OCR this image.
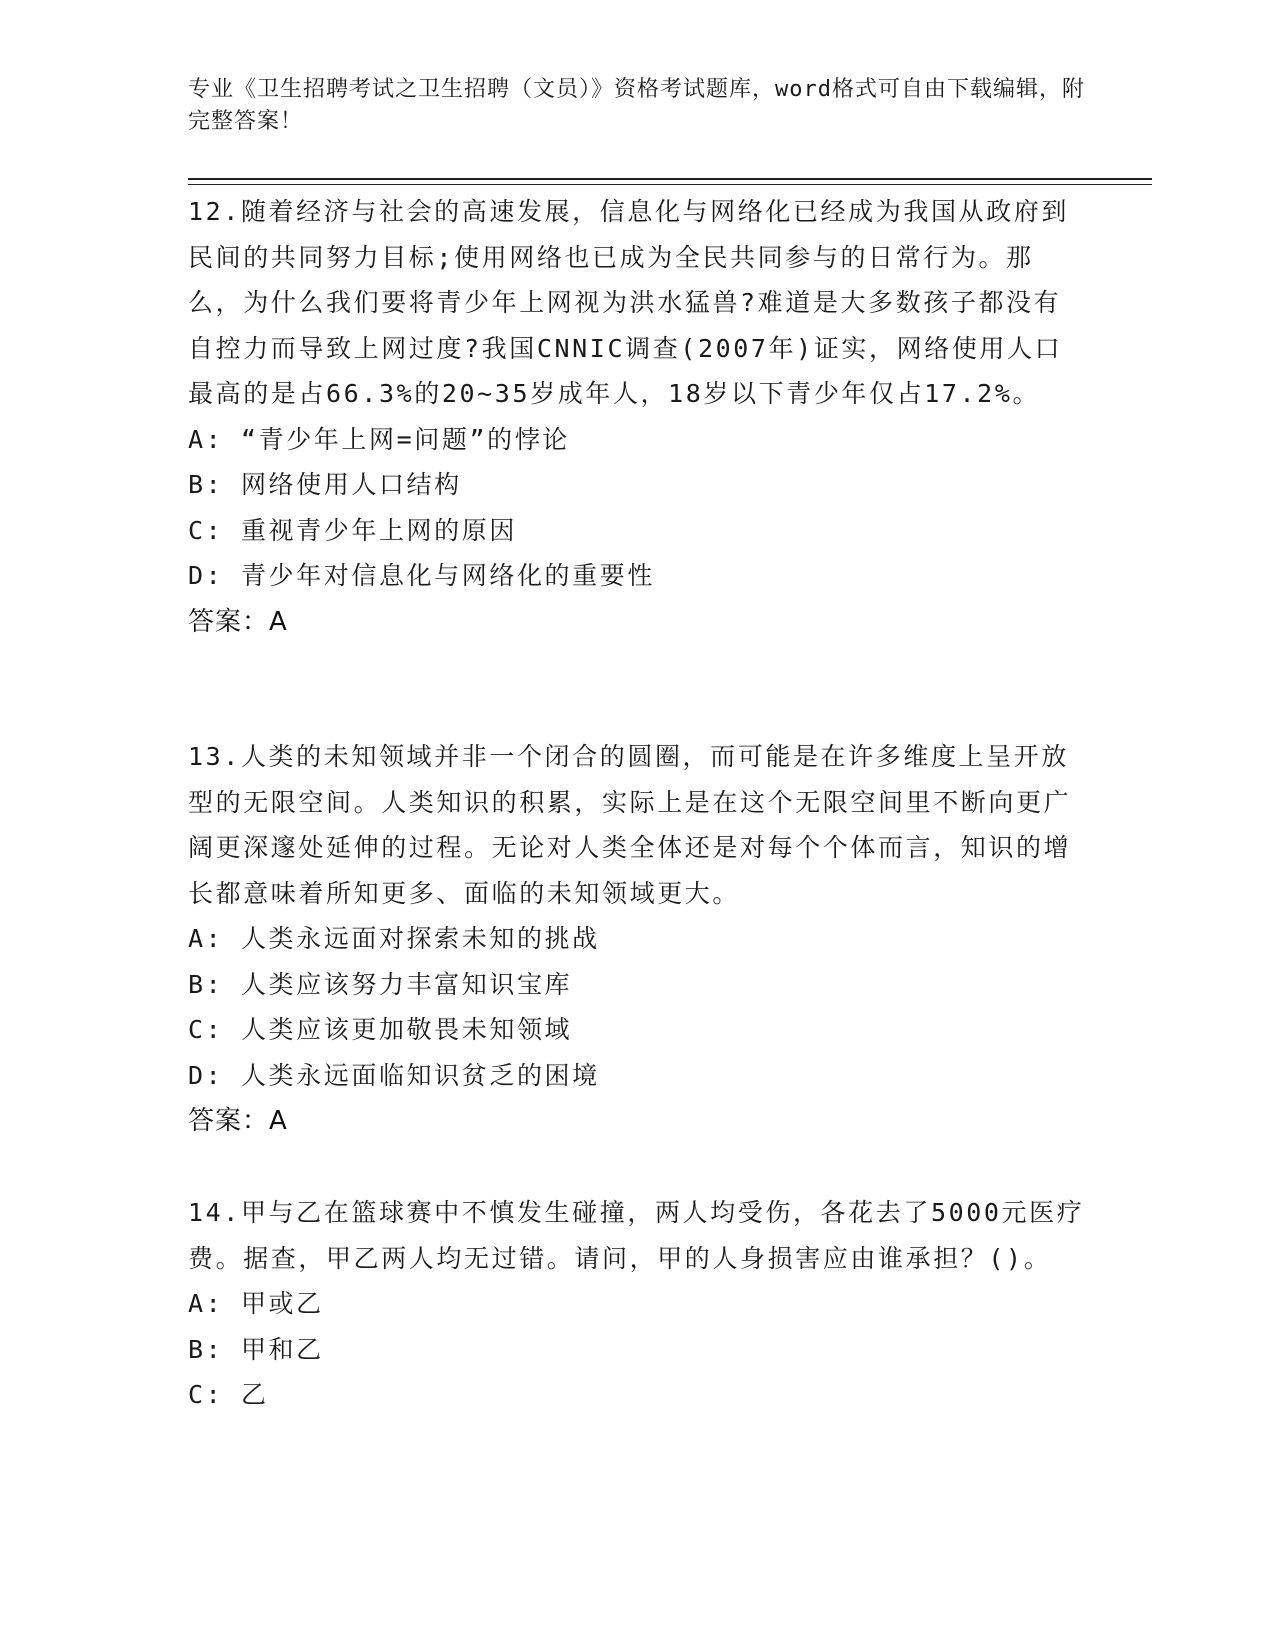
专业《卫生招聘考试之卫生招聘（文员）》资格考试题库，word格式可自由下载编辑，附完整答案！

12.随着经济与社会的高速发展，信息化与网络化已经成为我国从政府到民间的共同努力目标;使用网络也已成为全民共同参与的日常行为。那么，为什么我们要将青少年上网视为洪水猛兽?难道是大多数孩子都没有自控力而导致上网过度?我国CNNIC调查(2007年)证实，网络使用人口最高的是占66.3%的20~35岁成年人，18岁以下青少年仅占17.2%。

A: “青少年上网=问题”的悖论

B: 网络使用人口结构

C: 重视青少年上网的原因

D: 青少年对信息化与网络化的重要性

答案：A

13.人类的未知领域并非一个闭合的圆圈，而可能是在许多维度上呈开放型的无限空间。人类知识的积累，实际上是在这个无限空间里不断向更广阔更深邃处延伸的过程。无论对人类全体还是对每个个体而言，知识的增长都意味着所知更多、面临的未知领域更大。

A: 人类永远面对探索未知的挑战

B: 人类应该努力丰富知识宝库

C: 人类应该更加敬畏未知领域

D: 人类永远面临知识贫乏的困境

答案：A

14.甲与乙在篮球赛中不慎发生碰撞，两人均受伤，各花去了5000元医疗费。据查，甲乙两人均无过错。请问，甲的人身损害应由谁承担？()。

A: 甲或乙

B: 甲和乙

C: 乙
